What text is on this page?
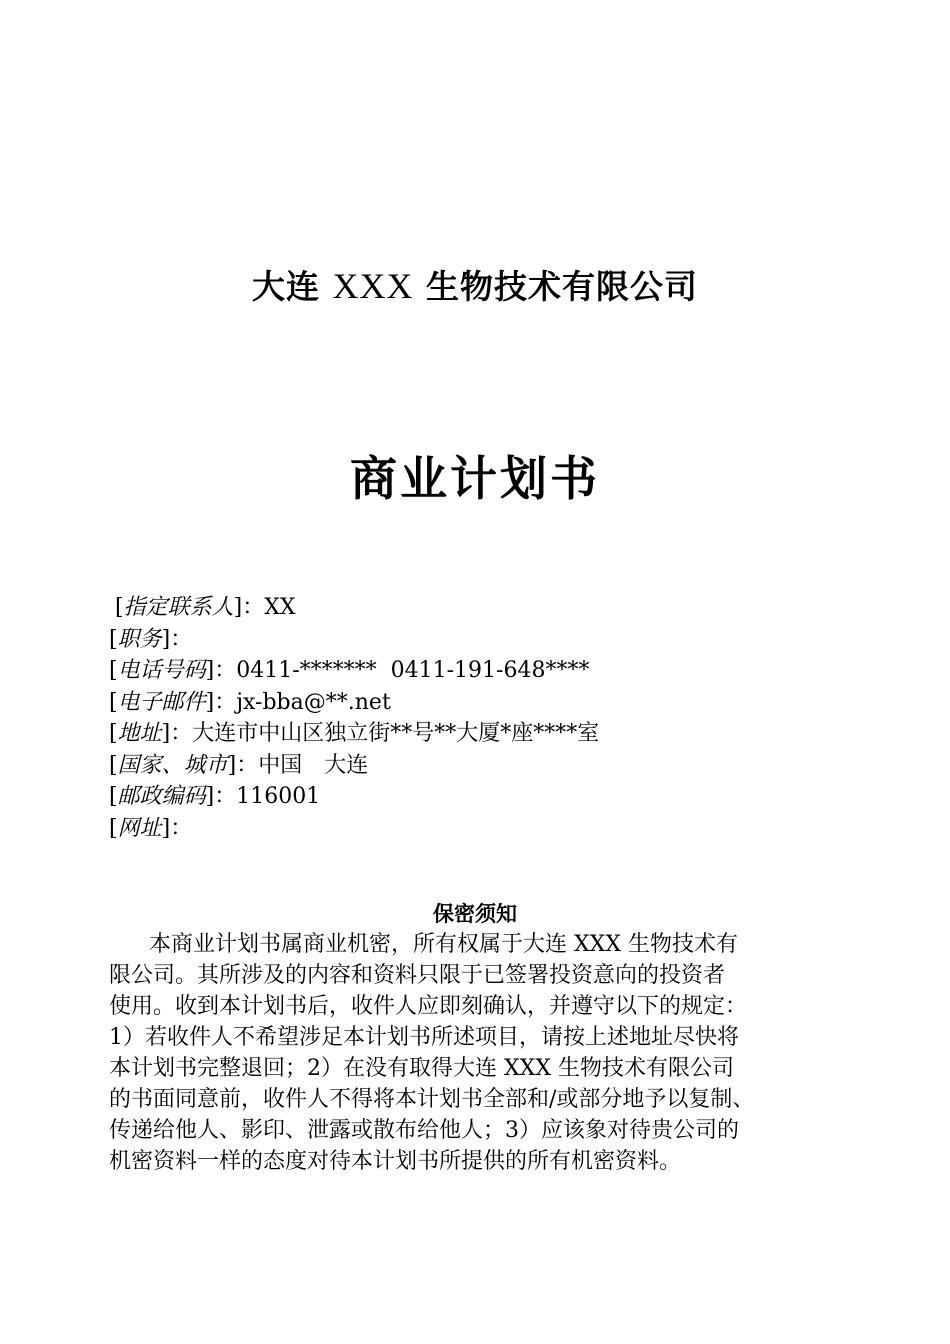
大连 XXX 生物技术有限公司
商业计划书
[指定联系人]：XX
[职务]：
[电话号码]：0411-*******  0411-191-648****
[电子邮件]：jx-bba@**.net
[地址]：大连市中山区独立街**号**大厦*座****室
[国家、城市]：中国　大连
[邮政编码]：116001
[网址]：
保密须知
本商业计划书属商业机密，所有权属于大连 XXX 生物技术有
限公司。其所涉及的内容和资料只限于已签署投资意向的投资者
使用。收到本计划书后，收件人应即刻确认，并遵守以下的规定：
1）若收件人不希望涉足本计划书所述项目，请按上述地址尽快将
本计划书完整退回；2）在没有取得大连 XXX 生物技术有限公司
的书面同意前，收件人不得将本计划书全部和/或部分地予以复制、
传递给他人、影印、泄露或散布给他人；3）应该象对待贵公司的
机密资料一样的态度对待本计划书所提供的所有机密资料。
